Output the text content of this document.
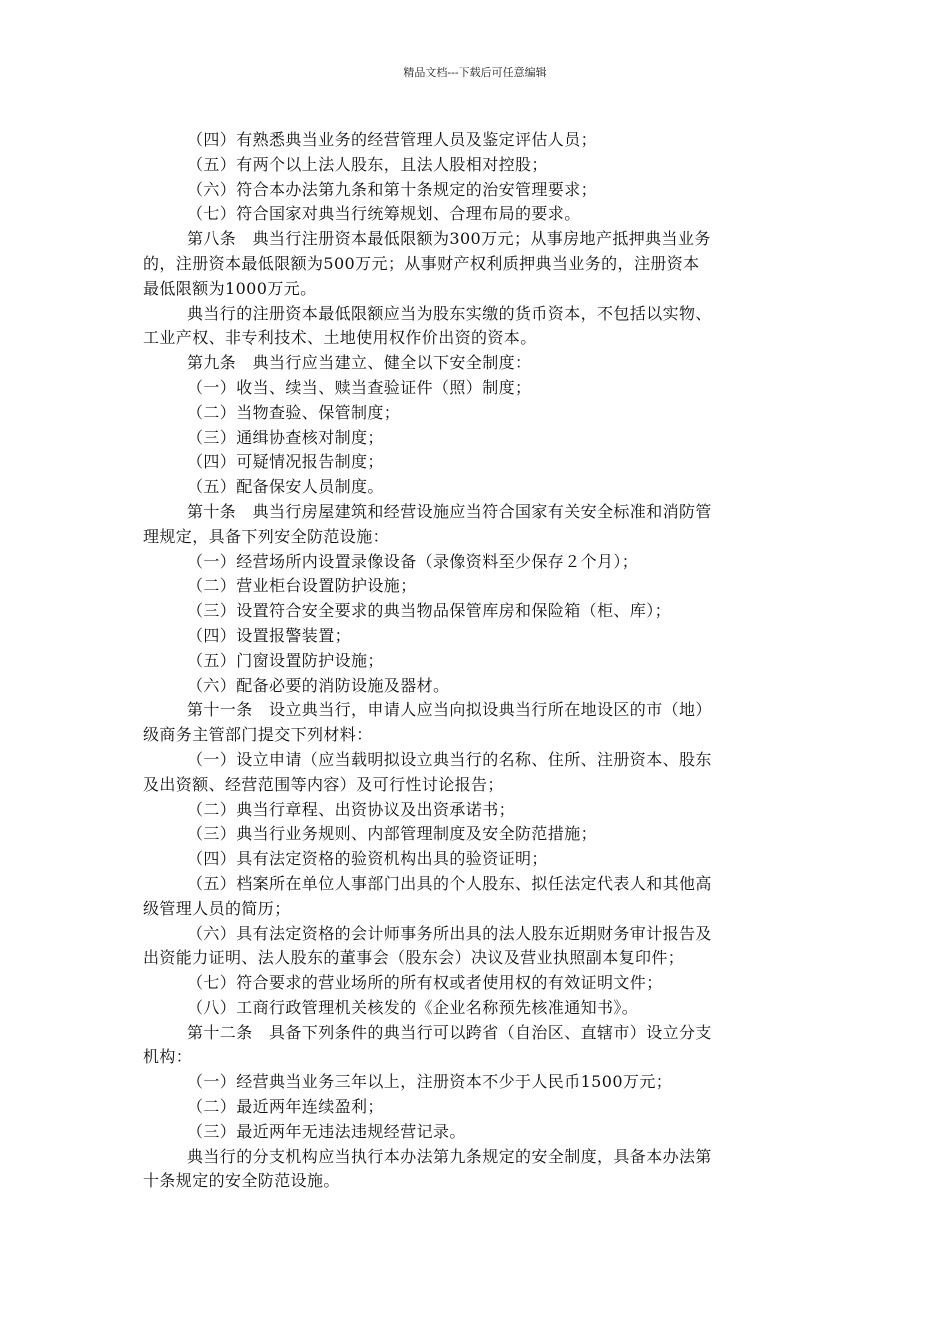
精品文档---下载后可任意编辑
（四）有熟悉典当业务的经营管理人员及鉴定评估人员；
（五）有两个以上法人股东，且法人股相对控股；
（六）符合本办法第九条和第十条规定的治安管理要求；
（七）符合国家对典当行统筹规划、合理布局的要求。
第八条　典当行注册资本最低限额为300万元；从事房地产抵押典当业务
的，注册资本最低限额为500万元；从事财产权利质押典当业务的，注册资本
最低限额为1000万元。
典当行的注册资本最低限额应当为股东实缴的货币资本，不包括以实物、
工业产权、非专利技术、土地使用权作价出资的资本。
第九条　典当行应当建立、健全以下安全制度：
（一）收当、续当、赎当查验证件（照）制度；
（二）当物查验、保管制度；
（三）通缉协查核对制度；
（四）可疑情况报告制度；
（五）配备保安人员制度。
第十条　典当行房屋建筑和经营设施应当符合国家有关安全标准和消防管
理规定，具备下列安全防范设施：
（一）经营场所内设置录像设备（录像资料至少保存２个月）；
（二）营业柜台设置防护设施；
（三）设置符合安全要求的典当物品保管库房和保险箱（柜、库）；
（四）设置报警装置；
（五）门窗设置防护设施；
（六）配备必要的消防设施及器材。
第十一条　设立典当行，申请人应当向拟设典当行所在地设区的市（地）
级商务主管部门提交下列材料：
（一）设立申请（应当载明拟设立典当行的名称、住所、注册资本、股东
及出资额、经营范围等内容）及可行性讨论报告；
（二）典当行章程、出资协议及出资承诺书；
（三）典当行业务规则、内部管理制度及安全防范措施；
（四）具有法定资格的验资机构出具的验资证明；
（五）档案所在单位人事部门出具的个人股东、拟任法定代表人和其他高
级管理人员的简历；
（六）具有法定资格的会计师事务所出具的法人股东近期财务审计报告及
出资能力证明、法人股东的董事会（股东会）决议及营业执照副本复印件；
（七）符合要求的营业场所的所有权或者使用权的有效证明文件；
（八）工商行政管理机关核发的《企业名称预先核准通知书》。
第十二条　具备下列条件的典当行可以跨省（自治区、直辖市）设立分支
机构：
（一）经营典当业务三年以上，注册资本不少于人民币1500万元；
（二）最近两年连续盈利；
（三）最近两年无违法违规经营记录。
典当行的分支机构应当执行本办法第九条规定的安全制度，具备本办法第
十条规定的安全防范设施。
